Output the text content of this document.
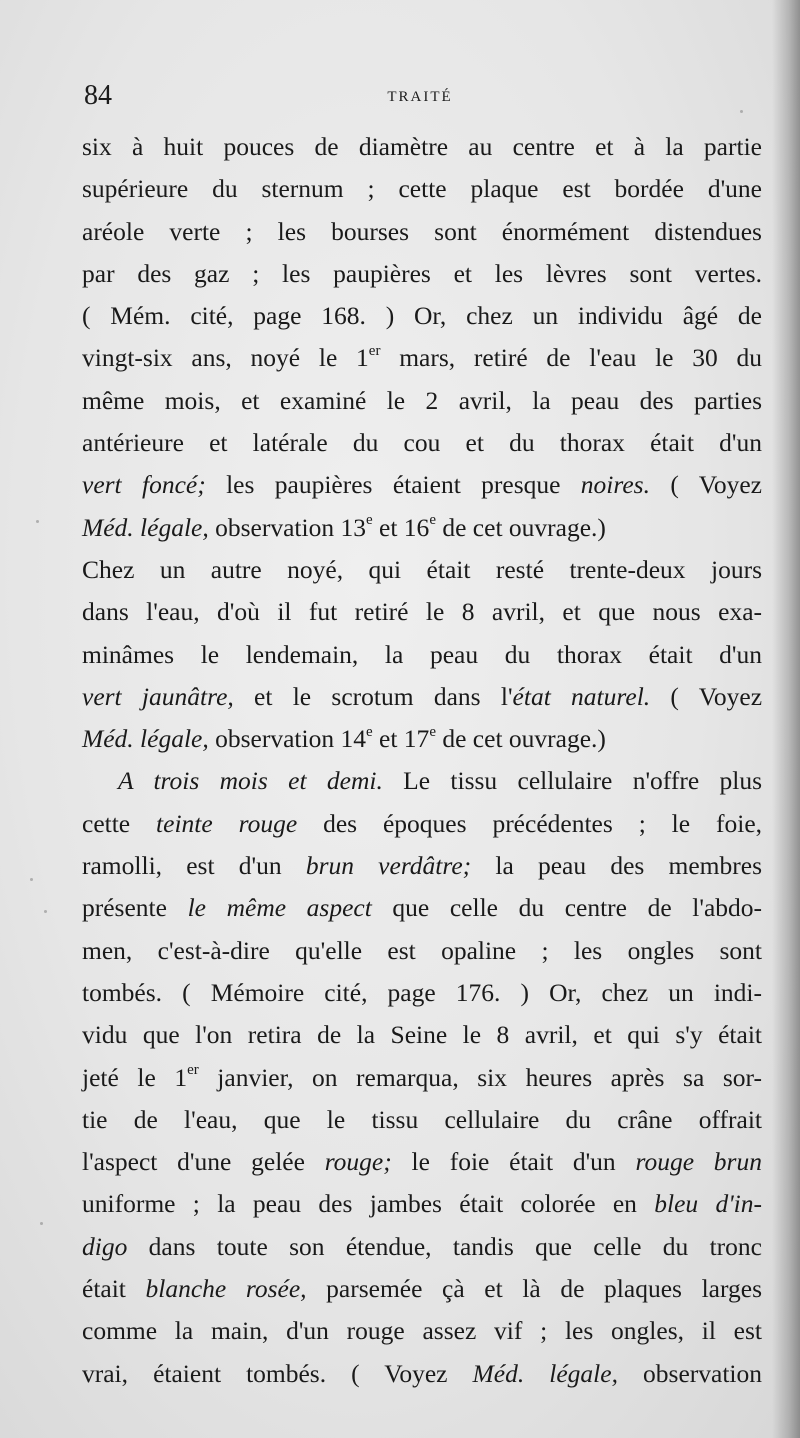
84	TRAITÉ
six à huit pouces de diamètre au centre et à la partie
supérieure du sternum ; cette plaque est bordée d'une
aréole verte ; les bourses sont énormément distendues
par des gaz ; les paupières et les lèvres sont vertes.
( Mém. cité, page 168. ) Or, chez un individu âgé de
vingt-six ans, noyé le 1er mars, retiré de l'eau le 30 du
même mois, et examiné le 2 avril, la peau des parties
antérieure et latérale du cou et du thorax était d'un
vert foncé; les paupières étaient presque noires. ( Voyez
Méd. légale, observation 13e et 16e de cet ouvrage.)
Chez un autre noyé, qui était resté trente-deux jours
dans l'eau, d'où il fut retiré le 8 avril, et que nous exa-
minâmes le lendemain, la peau du thorax était d'un
vert jaunâtre, et le scrotum dans l'état naturel. ( Voyez
Méd. légale, observation 14e et 17e de cet ouvrage.)
A trois mois et demi. Le tissu cellulaire n'offre plus
cette teinte rouge des époques précédentes ; le foie,
ramolli, est d'un brun verdâtre; la peau des membres
présente le même aspect que celle du centre de l'abdo-
men, c'est-à-dire qu'elle est opaline ; les ongles sont
tombés. ( Mémoire cité, page 176. ) Or, chez un indi-
vidu que l'on retira de la Seine le 8 avril, et qui s'y était
jeté le 1er janvier, on remarqua, six heures après sa sor-
tie de l'eau, que le tissu cellulaire du crâne offrait
l'aspect d'une gelée rouge; le foie était d'un rouge brun
uniforme ; la peau des jambes était colorée en bleu d'in-
digo dans toute son étendue, tandis que celle du tronc
était blanche rosée, parsemée çà et là de plaques larges
comme la main, d'un rouge assez vif ; les ongles, il est
vrai, étaient tombés. ( Voyez Méd. légale, observation
